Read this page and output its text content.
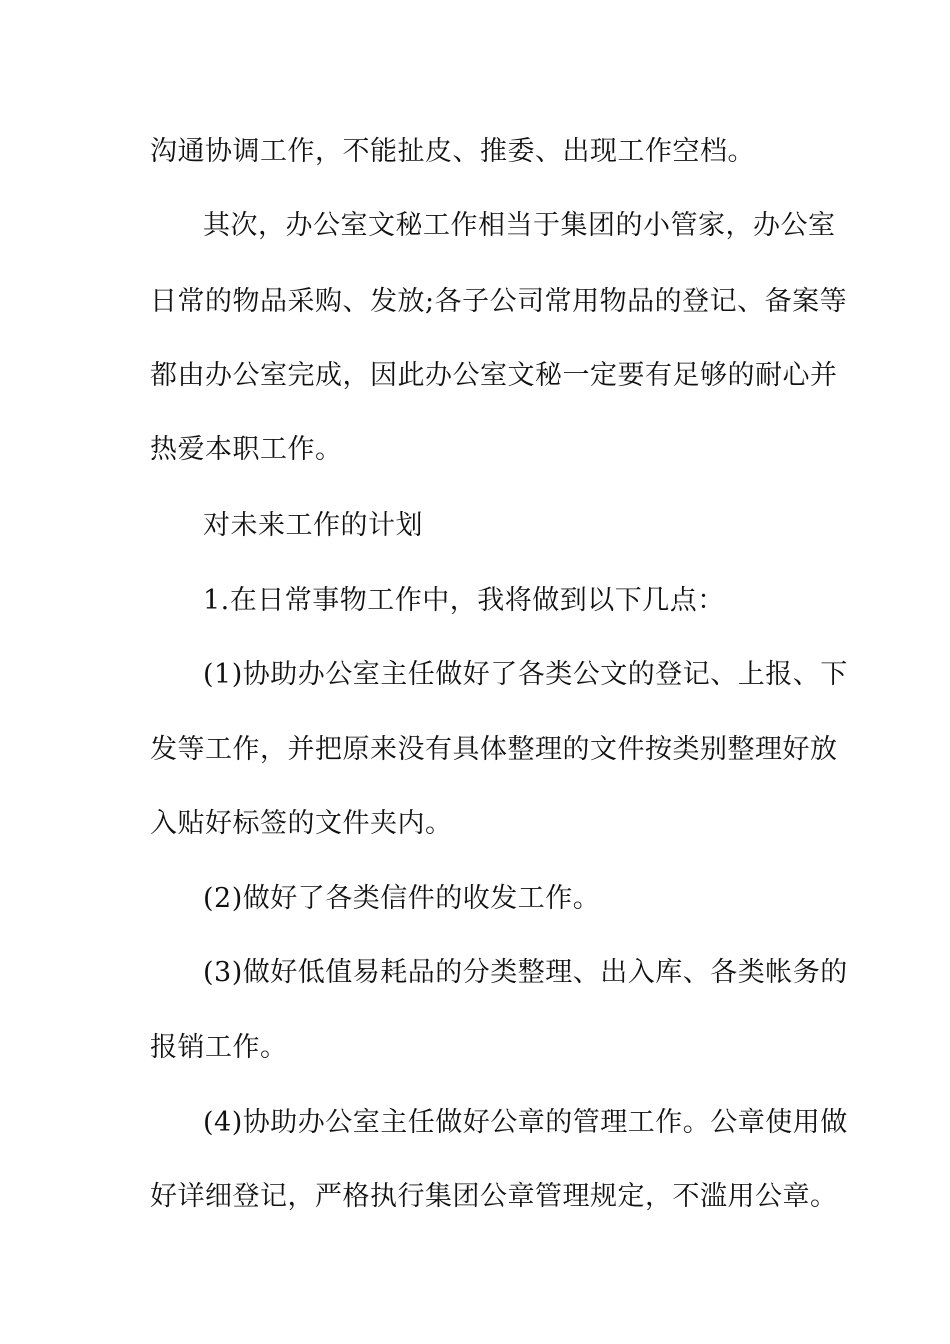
沟通协调工作，不能扯皮、推委、出现工作空档。
其次，办公室文秘工作相当于集团的小管家，办公室
日常的物品采购、发放;各子公司常用物品的登记、备案等
都由办公室完成，因此办公室文秘一定要有足够的耐心并
热爱本职工作。
对未来工作的计划
1.在日常事物工作中，我将做到以下几点：
(1)协助办公室主任做好了各类公文的登记、上报、下
发等工作，并把原来没有具体整理的文件按类别整理好放
入贴好标签的文件夹内。
(2)做好了各类信件的收发工作。
(3)做好低值易耗品的分类整理、出入库、各类帐务的
报销工作。
(4)协助办公室主任做好公章的管理工作。公章使用做
好详细登记，严格执行集团公章管理规定，不滥用公章。
